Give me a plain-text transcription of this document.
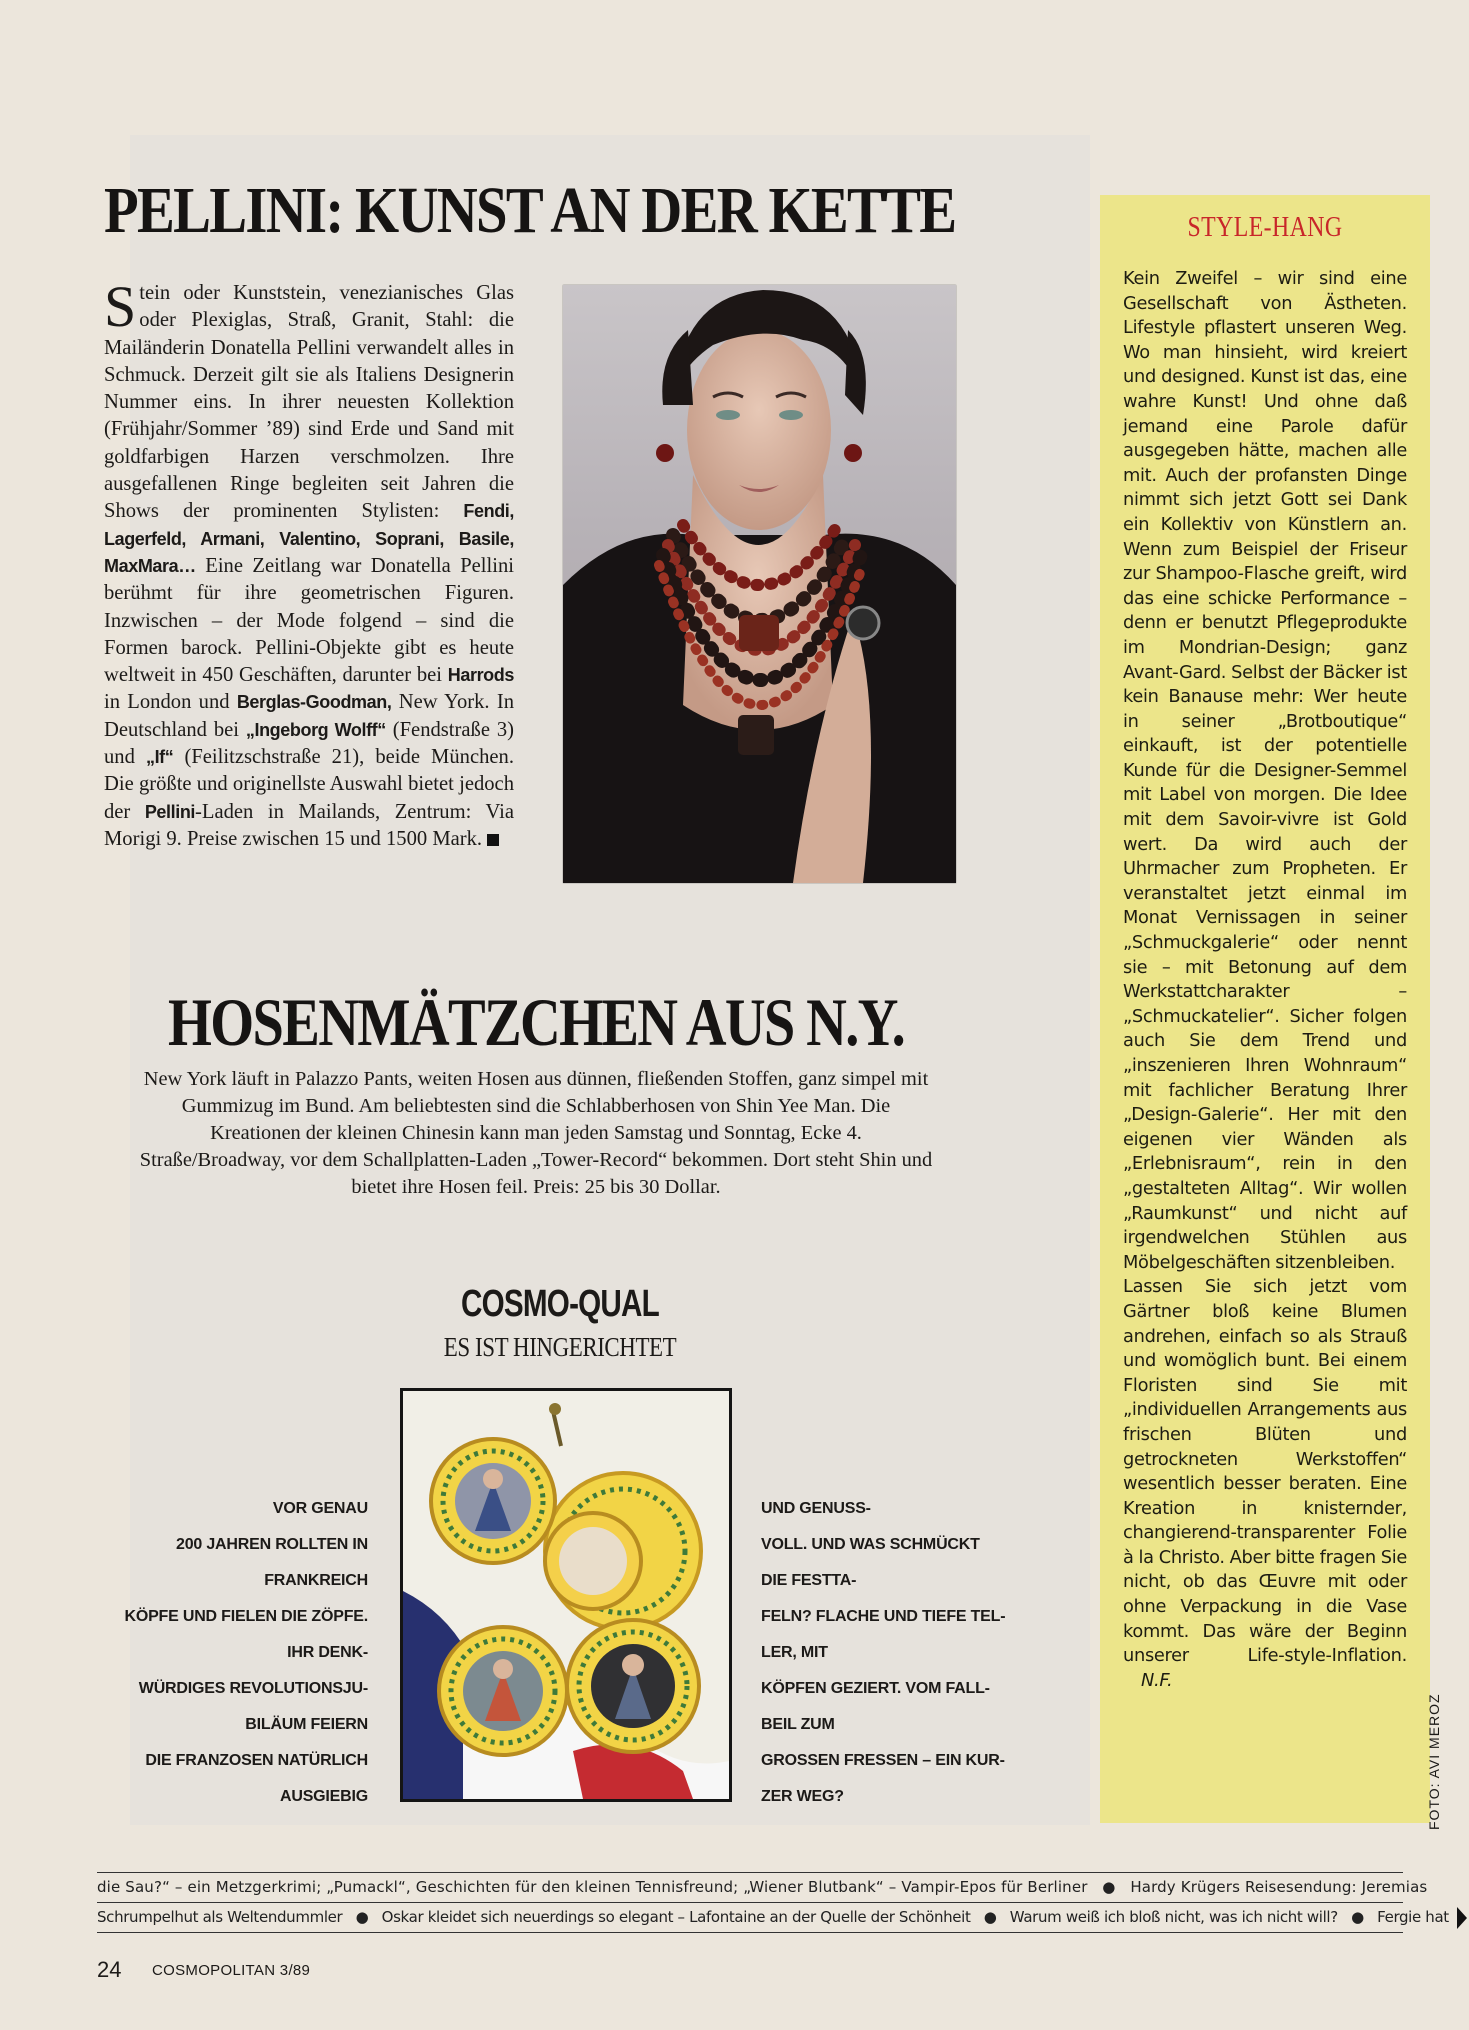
PELLINI: KUNST AN DER KETTE
Stein oder Kunststein, venezianisches Glas oder Plexiglas, Straß, Granit, Stahl: die Mailänderin Donatella Pellini verwandelt alles in Schmuck. Derzeit gilt sie als Italiens Designerin Nummer eins. In ihrer neuesten Kollektion (Frühjahr/Sommer ’89) sind Erde und Sand mit goldfarbigen Harzen verschmolzen. Ihre ausgefallenen Ringe begleiten seit Jahren die Shows der prominenten Stylisten: Fendi, Lagerfeld, Armani, Valentino, Soprani, Basile, MaxMara… Eine Zeitlang war Donatella Pellini berühmt für ihre geometrischen Figuren. Inzwischen – der Mode folgend – sind die Formen barock. Pellini-Objekte gibt es heute weltweit in 450 Geschäften, darunter bei Harrods in London und Berglas-Goodman, New York. In Deutschland bei „Ingeborg Wolff“ (Fendstraße 3) und „If“ (Feilitzschstraße 21), beide München. Die größte und originellste Auswahl bietet jedoch der Pellini-Laden in Mailands, Zentrum: Via Morigi 9. Preise zwischen 15 und 1500 Mark.
HOSENMÄTZCHEN AUS N.Y.
New York läuft in Palazzo Pants, weiten Hosen aus dünnen, fließenden Stoffen, ganz simpel mit Gummizug im Bund. Am beliebtesten sind die Schlabberhosen von Shin Yee Man. Die Kreationen der kleinen Chinesin kann man jeden Samstag und Sonntag, Ecke 4. Straße/Broadway, vor dem Schallplatten-Laden „Tower-Record“ bekommen. Dort steht Shin und bietet ihre Hosen feil. Preis: 25 bis 30 Dollar.
COSMO-QUAL
ES IST HINGERICHTET
VOR GENAU
200 JAHREN ROLLTEN IN
FRANKREICH
KÖPFE UND FIELEN DIE ZÖPFE.
IHR DENK-
WÜRDIGES REVOLUTIONSJU-
BILÄUM FEIERN
DIE FRANZOSEN NATÜRLICH
AUSGIEBIG
UND GENUSS-
VOLL. UND WAS SCHMÜCKT
DIE FESTTA-
FELN? FLACHE UND TIEFE TEL-
LER, MIT
KÖPFEN GEZIERT. VOM FALL-
BEIL ZUM
GROSSEN FRESSEN – EIN KUR-
ZER WEG?
STYLE-HANG
Kein Zweifel – wir sind eine Gesellschaft von Ästheten. Lifestyle pflastert unseren Weg. Wo man hinsieht, wird kreiert und designed. Kunst ist das, eine wahre Kunst! Und ohne daß jemand eine Parole dafür ausgegeben hätte, machen alle mit. Auch der profansten Dinge nimmt sich jetzt Gott sei Dank ein Kollektiv von Künstlern an. Wenn zum Beispiel der Friseur zur Shampoo-Flasche greift, wird das eine schicke Performance – denn er benutzt Pflegeprodukte im Mondrian-Design; ganz Avant-Gard. Selbst der Bäcker ist kein Banause mehr: Wer heute in seiner „Brotboutique“ einkauft, ist der potentielle Kunde für die Designer-Semmel mit Label von morgen. Die Idee mit dem Savoir-vivre ist Gold wert. Da wird auch der Uhrmacher zum Propheten. Er veranstaltet jetzt einmal im Monat Vernissagen in seiner „Schmuckgalerie“ oder nennt sie – mit Betonung auf dem Werkstattcharakter – „Schmuckatelier“. Sicher folgen auch Sie dem Trend und „inszenieren Ihren Wohnraum“ mit fachlicher Beratung Ihrer „Design-Galerie“. Her mit den eigenen vier Wänden als „Erlebnisraum“, rein in den „gestalteten Alltag“. Wir wollen „Raumkunst“ und nicht auf irgendwelchen Stühlen aus Möbelgeschäften sitzenbleiben.
Lassen Sie sich jetzt vom Gärtner bloß keine Blumen andrehen, einfach so als Strauß und womöglich bunt. Bei einem Floristen sind Sie mit „individuellen Arrangements aus frischen Blüten und getrockneten Werkstoffen“ wesentlich besser beraten. Eine Kreation in knisternder, changierend-transparenter Folie à la Christo. Aber bitte fragen Sie nicht, ob das Œuvre mit oder ohne Verpackung in die Vase kommt. Das wäre der Beginn unserer Life-style-Inflation. N.F.
FOTO: AVI MEROZ
die Sau?“ – ein Metzgerkrimi; „Pumackl“, Geschichten für den kleinen Tennisfreund; „Wiener Blutbank“ – Vampir-Epos für Berliner   ●   Hardy Krügers Reisesendung: Jeremias
Schrumpelhut als Weltendummler   ●   Oskar kleidet sich neuerdings so elegant – Lafontaine an der Quelle der Schönheit   ●   Warum weiß ich bloß nicht, was ich nicht will?   ●   Fergie hat
24 COSMOPOLITAN 3/89
